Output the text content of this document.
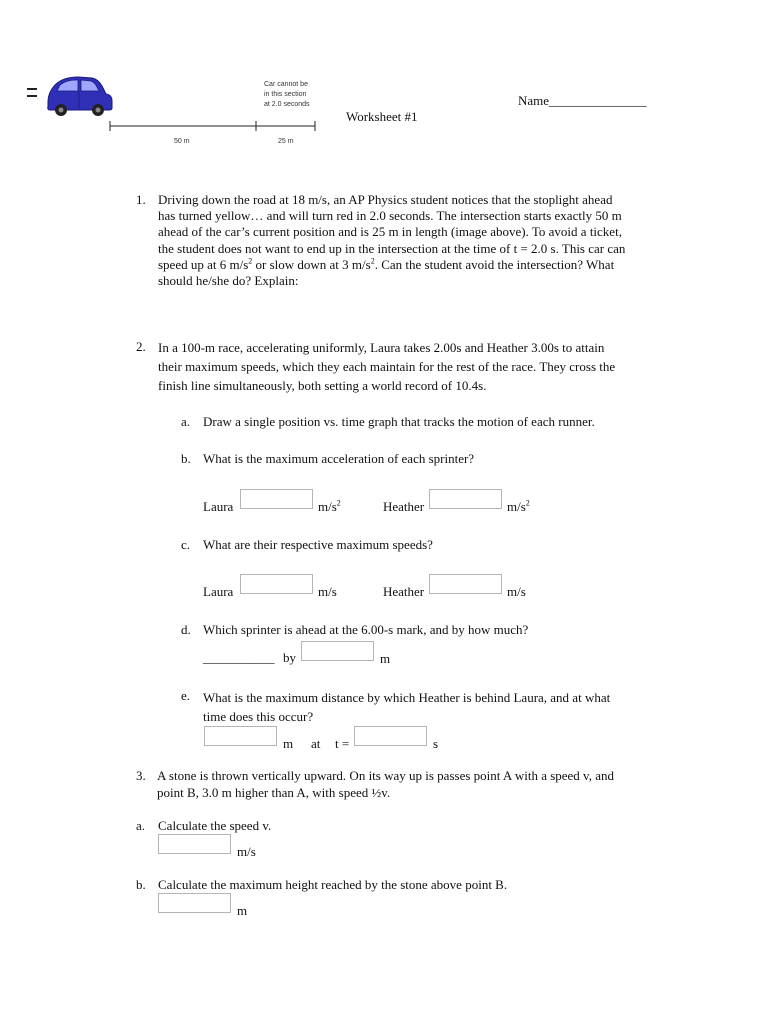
Car cannot be
in this section
at 2.0 seconds
50 m	25 m
Worksheet #1
Name_______________
1. Driving down the road at 18 m/s, an AP Physics student notices that the stoplight ahead
has turned yellow… and will turn red in 2.0 seconds. The intersection starts exactly 50 m
ahead of the car’s current position and is 25 m in length (image above). To avoid a ticket,
the student does not want to end up in the intersection at the time of t = 2.0 s. This car can
speed up at 6 $m/s^2$ or slow down at 3 $m/s^2$. Can the student avoid the intersection? What
should he/she do? Explain:
2. In a 100-m race, accelerating uniformly, Laura takes 2.00s and Heather 3.00s to attain
their maximum speeds, which they each maintain for the rest of the race. They cross the
finish line simultaneously, both setting a world record of 10.4s.
a. Draw a single position vs. time graph that tracks the motion of each runner.
b. What is the maximum acceleration of each sprinter?
Laura	$m/s^2$	Heather	$m/s^2$
c. What are their respective maximum speeds?
Laura	m/s	Heather	m/s
d. Which sprinter is ahead at the 6.00-s mark, and by how much?
___________ by	m
e. What is the maximum distance by which Heather is behind Laura, and at what
time does this occur?
m at t =	s
3. A stone is thrown vertically upward. On its way up is passes point A with a speed v, and
point B, 3.0 m higher than A, with speed ½v.
a. Calculate the speed v.
m/s
b. Calculate the maximum height reached by the stone above point B.
m
